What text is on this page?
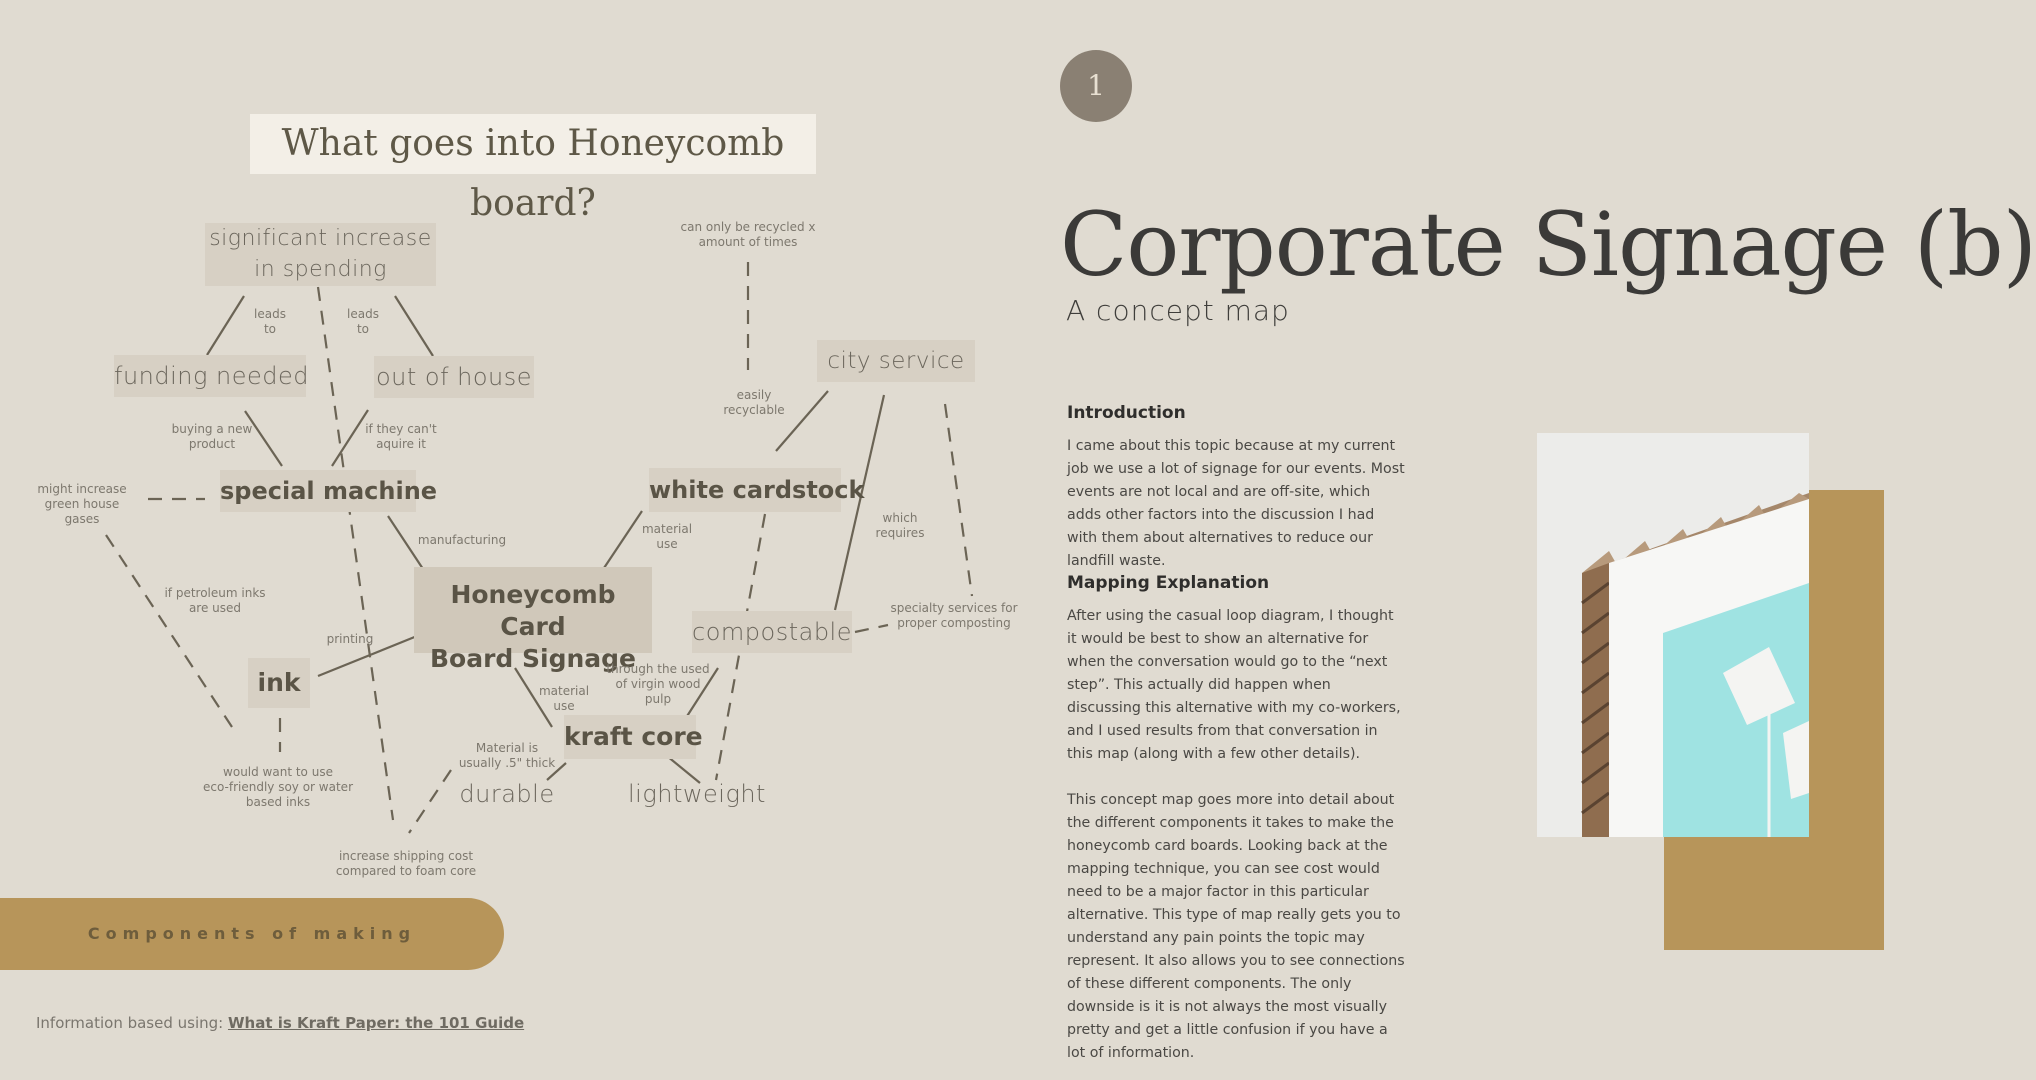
What goes into Honeycomb board?
significant increase
in spending
funding needed	out of house
special machine
Honeycomb Card
Board Signage
ink
white cardstock
compostable
kraft core
durable	lightweight
city service
leads
to
leads
to
buying a new
product
if they can't
aquire it
might increase
green house gases
manufacturing
if petroleum inks
are used
printing
would want to use
eco-friendly soy or water
based inks
increase shipping cost
compared to foam core
Material is
usually .5" thick
material
use
material
use
through the used
of virgin wood
pulp
can only be recycled x
amount of times
easily
recyclable
which
requires
specialty services for
proper composting
Components of making
Information based using: What is Kraft Paper: the 101 Guide
1
Corporate Signage (b)
A concept map
Introduction
I came about this topic because at my current job we use a lot of signage for our events. Most events are not local and are off-site, which adds other factors into the discussion I had with them about alternatives to reduce our landfill waste.
Mapping Explanation
After using the casual loop diagram, I thought it would be best to show an alternative for when the conversation would go to the “next step”. This actually did happen when discussing this alternative with my co-workers, and I used results from that conversation in this map (along with a few other details).
This concept map goes more into detail about the different components it takes to make the honeycomb card boards. Looking back at the mapping technique, you can see cost would need to be a major factor in this particular alternative. This type of map really gets you to understand any pain points the topic may represent. It also allows you to see connections of these different components. The only downside is it is not always the most visually pretty and get a little confusion if you have a lot of information.
